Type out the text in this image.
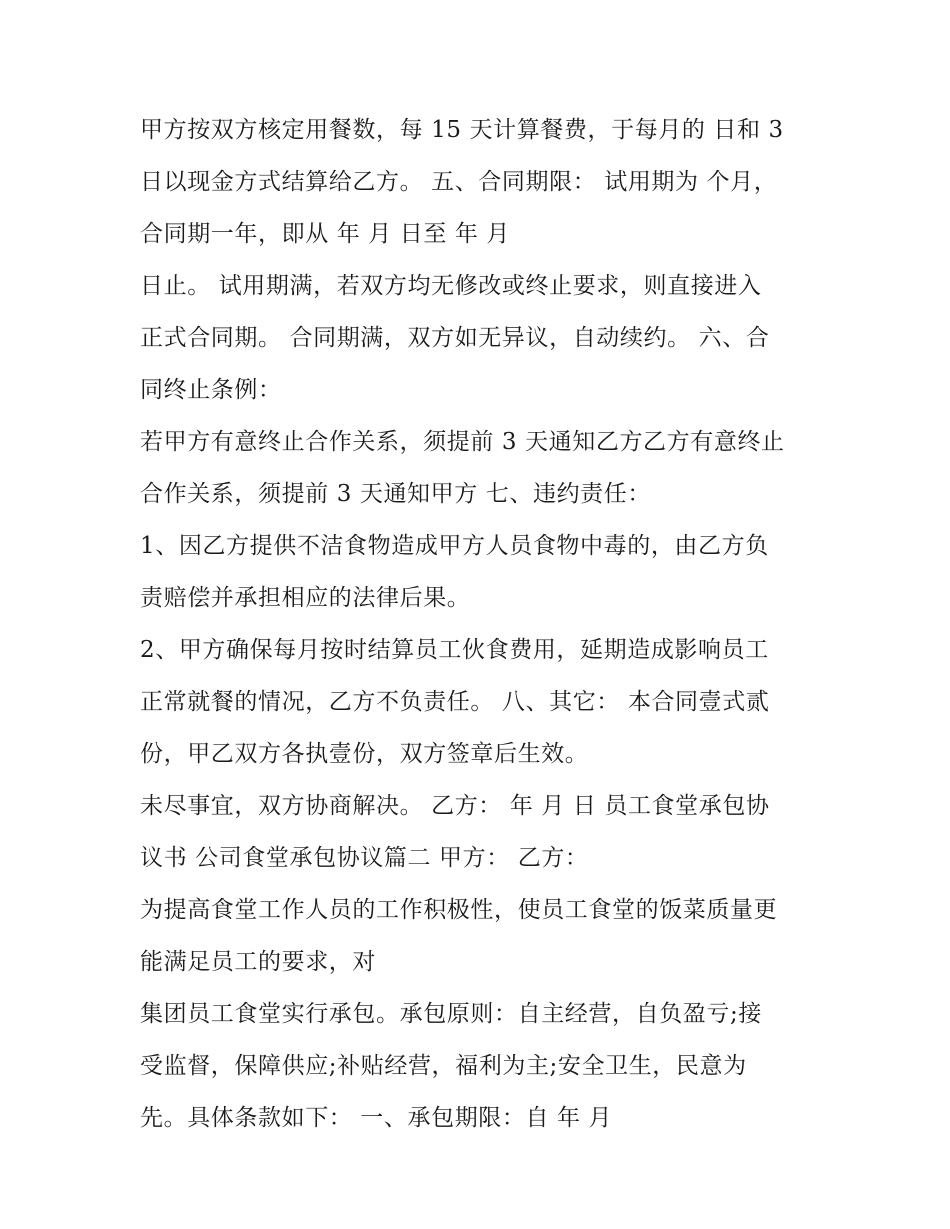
甲方按双方核定用餐数，每 15 天计算餐费，于每月的 日和 3
日以现金方式结算给乙方。 五、合同期限： 试用期为 个月，
合同期一年，即从 年 月 日至 年 月
日止。 试用期满，若双方均无修改或终止要求，则直接进入
正式合同期。 合同期满，双方如无异议，自动续约。 六、合
同终止条例：
若甲方有意终止合作关系，须提前 3 天通知乙方乙方有意终止
合作关系，须提前 3 天通知甲方 七、违约责任：
1、因乙方提供不洁食物造成甲方人员食物中毒的，由乙方负
责赔偿并承担相应的法律后果。
2、甲方确保每月按时结算员工伙食费用，延期造成影响员工
正常就餐的情况，乙方不负责任。 八、其它： 本合同壹式贰
份，甲乙双方各执壹份，双方签章后生效。
未尽事宜，双方协商解决。 乙方： 年 月 日 员工食堂承包协
议书 公司食堂承包协议篇二 甲方： 乙方：
为提高食堂工作人员的工作积极性，使员工食堂的饭菜质量更
能满足员工的要求，对
集团员工食堂实行承包。承包原则：自主经营，自负盈亏;接
受监督，保障供应;补贴经营，福利为主;安全卫生，民意为
先。具体条款如下： 一、承包期限：自 年 月
